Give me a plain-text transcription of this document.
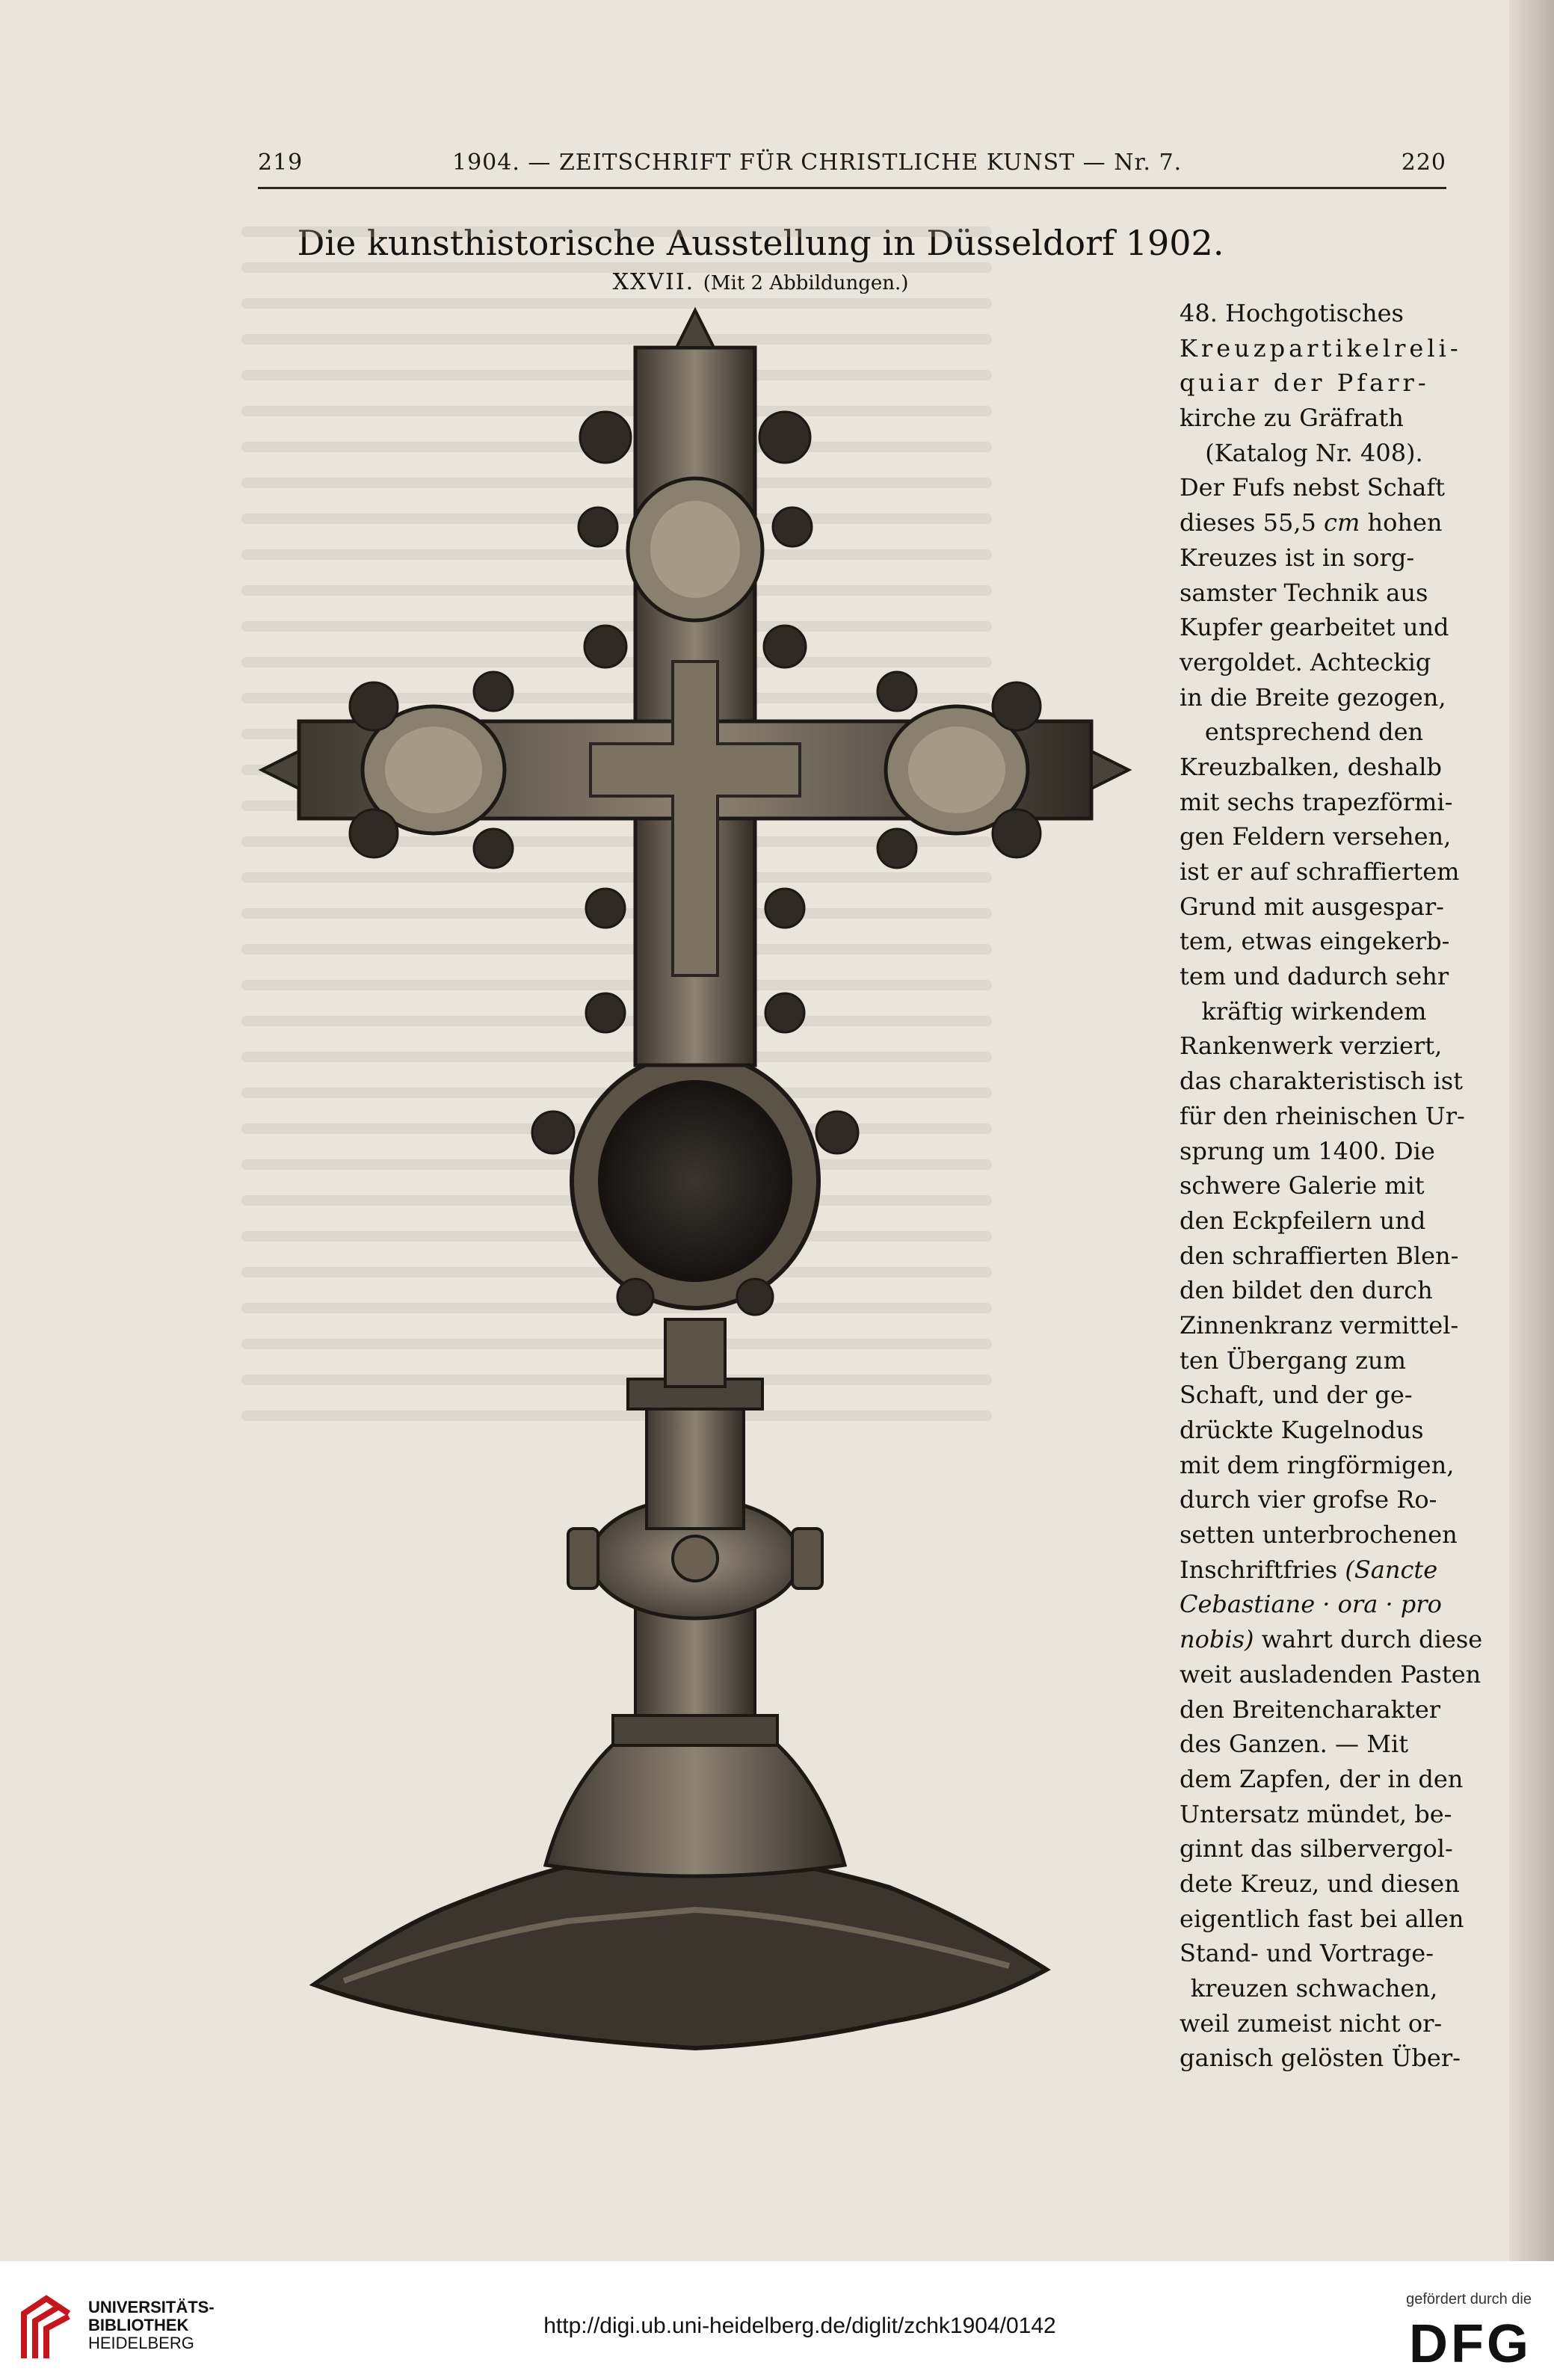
219	1904. — ZEITSCHRIFT FÜR CHRISTLICHE KUNST — Nr. 7.	220
Die kunsthistorische Ausstellung in Düsseldorf 1902.
XXVII. (Mit 2 Abbildungen.)
48. Hochgotisches
Kreuzpartikelreli-
quiar der Pfarr-
kirche zu Gräfrath
(Katalog Nr. 408).
Der Fufs nebst Schaft
dieses 55,5 cm hohen
Kreuzes ist in sorg-
samster Technik aus
Kupfer gearbeitet und
vergoldet. Achteckig
in die Breite gezogen,
entsprechend den
Kreuzbalken, deshalb
mit sechs trapezförmi-
gen Feldern versehen,
ist er auf schraffiertem
Grund mit ausgespar-
tem, etwas eingekerb-
tem und dadurch sehr
kräftig wirkendem
Rankenwerk verziert,
das charakteristisch ist
für den rheinischen Ur-
sprung um 1400. Die
schwere Galerie mit
den Eckpfeilern und
den schraffierten Blen-
den bildet den durch
Zinnenkranz vermittel-
ten Übergang zum
Schaft, und der ge-
drückte Kugelnodus
mit dem ringförmigen,
durch vier grofse Ro-
setten unterbrochenen
Inschriftfries (Sancte
Cebastiane · ora · pro
nobis) wahrt durch diese
weit ausladenden Pasten
den Breitencharakter
des Ganzen. — Mit
dem Zapfen, der in den
Untersatz mündet, be-
ginnt das silbervergol-
dete Kreuz, und diesen
eigentlich fast bei allen
Stand- und Vortrage-
kreuzen schwachen,
weil zumeist nicht or-
ganisch gelösten Über-
UNIVERSITÄTS-
BIBLIOTHEK
HEIDELBERG
http://digi.ub.uni-heidelberg.de/diglit/zchk1904/0142
gefördert durch die
DFG
